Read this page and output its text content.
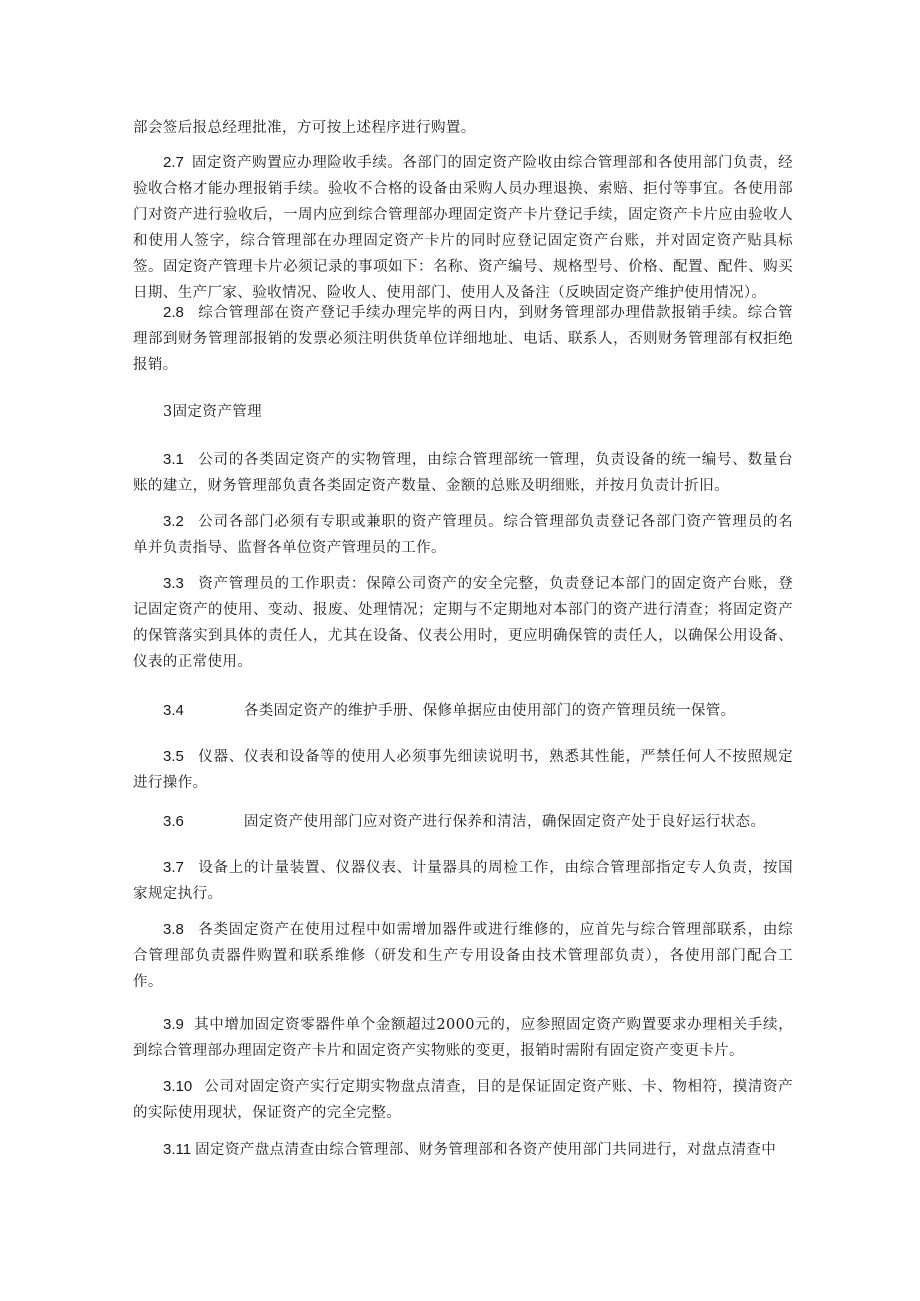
部会签后报总经理批准，方可按上述程序进行购置。

2.7 固定资产购置应办理险收手续。各部门的固定资产险收由综合管理部和各使用部门负责，经验收合格才能办理报销手续。验收不合格的设备由采购人员办理退换、索赔、拒付等事宜。各使用部门对资产进行验收后，一周内应到综合管理部办理固定资产卡片登记手续，固定资产卡片应由验收人和使用人签字，综合管理部在办理固定资产卡片的同时应登记固定资产台账，并对固定资产贴具标签。固定资产管理卡片必须记录的事项如下：名称、资产编号、规格型号、价格、配置、配件、购买日期、生产厂家、验收情况、险收人、使用部门、使用人及备注（反映固定资产维护使用情况）。

2.8 综合管理部在资产登记手续办理完毕的两日内，到财务管理部办理借款报销手续。综合管理部到财务管理部报销的发票必须注明供货单位详细地址、电话、联系人，否则财务管理部有权拒绝报销。

3固定资产管理

3.1 公司的各类固定资产的实物管理，由综合管理部统一管理，负责设备的统一编号、数量台账的建立，财务管理部负責各类固定资产数量、金额的总账及明细账，并按月负责计折旧。

3.2 公司各部门必须有专职或兼职的资产管理员。综合管理部负责登记各部门资产管理员的名单并负责指导、监督各单位资产管理员的工作。

3.3 资产管理员的工作职责：保障公司资产的安全完整，负责登记本部门的固定资产台账，登记固定资产的使用、变动、报废、处理情况；定期与不定期地对本部门的资产进行清查；将固定资产的保管落实到具体的责任人，尤其在设备、仪表公用时，更应明确保管的责任人，以确保公用设备、仪表的正常使用。

3.4	各类固定资产的维护手册、保修单据应由使用部门的资产管理员统一保管。

3.5 仪器、仪表和设备等的使用人必须事先细读说明书，熟悉其性能，严禁任何人不按照规定进行操作。

3.6	固定资产使用部门应对资产进行保养和清洁，确保固定资产处于良好运行状态。

3.7 设备上的计量装置、仪器仪表、计量器具的周检工作，由综合管理部指定专人负责，按国家规定执行。

3.8 各类固定资产在使用过程中如需增加器件或进行维修的，应首先与综合管理部联系，由综合管理部负责器件购置和联系维修（研发和生产专用设备由技术管理部负责），各使用部门配合工作。

3.9 其中增加固定资零器件单个金额超过2000元的，应参照固定资产购置要求办理相关手续，到综合管理部办理固定资产卡片和固定资产实物账的变更，报销时需附有固定资产变更卡片。

3.10 公司对固定资产实行定期实物盘点清查，目的是保证固定资产账、卡、物相符，摸清资产的实际使用现状，保证资产的完全完整。

3.11 固定资产盘点清查由综合管理部、财务管理部和各资产使用部门共同进行，对盘点清查中
